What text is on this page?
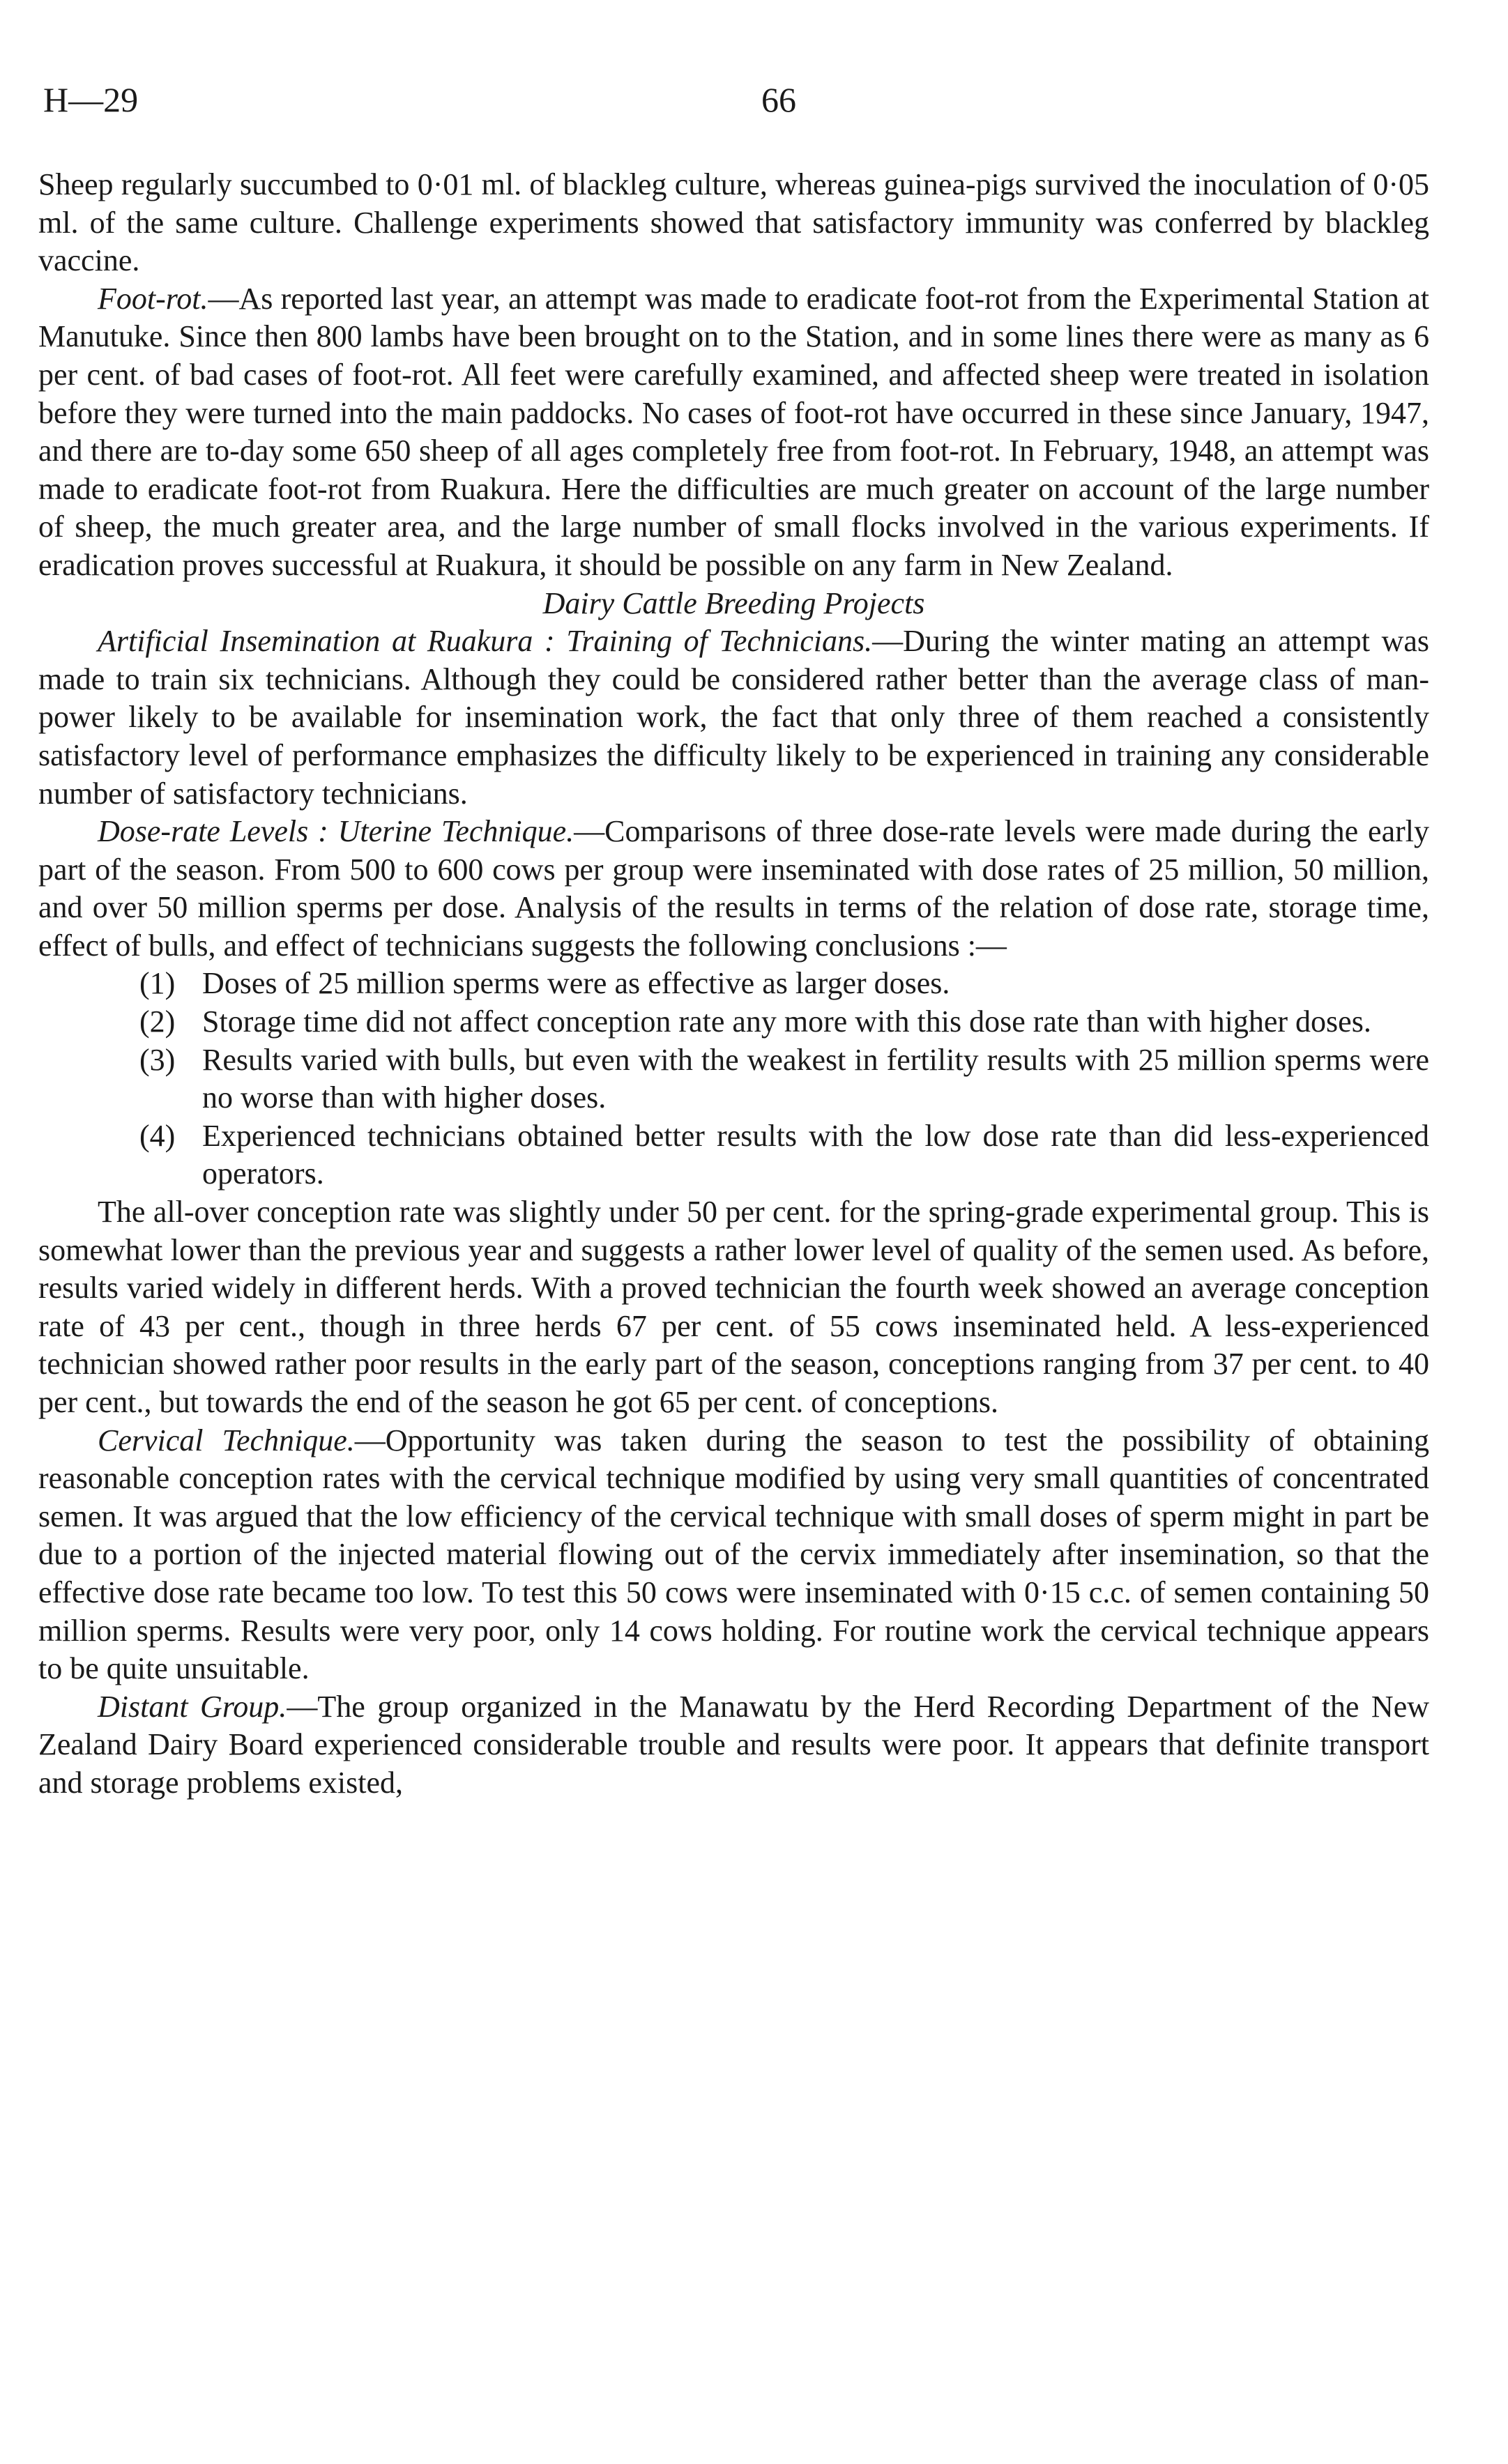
H—29	66

Sheep regularly succumbed to 0·01 ml. of blackleg culture, whereas guinea-pigs survived the inoculation of 0·05 ml. of the same culture. Challenge experiments showed that satisfactory immunity was conferred by blackleg vaccine.

Foot-rot.—As reported last year, an attempt was made to eradicate foot-rot from the Experimental Station at Manutuke. Since then 800 lambs have been brought on to the Station, and in some lines there were as many as 6 per cent. of bad cases of foot-rot. All feet were carefully examined, and affected sheep were treated in isolation before they were turned into the main paddocks. No cases of foot-rot have occurred in these since January, 1947, and there are to-day some 650 sheep of all ages completely free from foot-rot. In February, 1948, an attempt was made to eradicate foot-rot from Ruakura. Here the difficulties are much greater on account of the large number of sheep, the much greater area, and the large number of small flocks involved in the various experiments. If eradication proves successful at Ruakura, it should be possible on any farm in New Zealand.

Dairy Cattle Breeding Projects

Artificial Insemination at Ruakura : Training of Technicians.—During the winter mating an attempt was made to train six technicians. Although they could be considered rather better than the average class of man-power likely to be available for insemination work, the fact that only three of them reached a consistently satisfactory level of performance emphasizes the difficulty likely to be experienced in training any considerable number of satisfactory technicians.

Dose-rate Levels : Uterine Technique.—Comparisons of three dose-rate levels were made during the early part of the season. From 500 to 600 cows per group were inseminated with dose rates of 25 million, 50 million, and over 50 million sperms per dose. Analysis of the results in terms of the relation of dose rate, storage time, effect of bulls, and effect of technicians suggests the following conclusions :—

(1) Doses of 25 million sperms were as effective as larger doses.
(2) Storage time did not affect conception rate any more with this dose rate than with higher doses.
(3) Results varied with bulls, but even with the weakest in fertility results with 25 million sperms were no worse than with higher doses.
(4) Experienced technicians obtained better results with the low dose rate than did less-experienced operators.

The all-over conception rate was slightly under 50 per cent. for the spring-grade experimental group. This is somewhat lower than the previous year and suggests a rather lower level of quality of the semen used. As before, results varied widely in different herds. With a proved technician the fourth week showed an average conception rate of 43 per cent., though in three herds 67 per cent. of 55 cows inseminated held. A less-experienced technician showed rather poor results in the early part of the season, conceptions ranging from 37 per cent. to 40 per cent., but towards the end of the season he got 65 per cent. of conceptions.

Cervical Technique.—Opportunity was taken during the season to test the possibility of obtaining reasonable conception rates with the cervical technique modified by using very small quantities of concentrated semen. It was argued that the low efficiency of the cervical technique with small doses of sperm might in part be due to a portion of the injected material flowing out of the cervix immediately after insemination, so that the effective dose rate became too low. To test this 50 cows were inseminated with 0·15 c.c. of semen containing 50 million sperms. Results were very poor, only 14 cows holding. For routine work the cervical technique appears to be quite unsuitable.

Distant Group.—The group organized in the Manawatu by the Herd Recording Department of the New Zealand Dairy Board experienced considerable trouble and results were poor. It appears that definite transport and storage problems existed,
